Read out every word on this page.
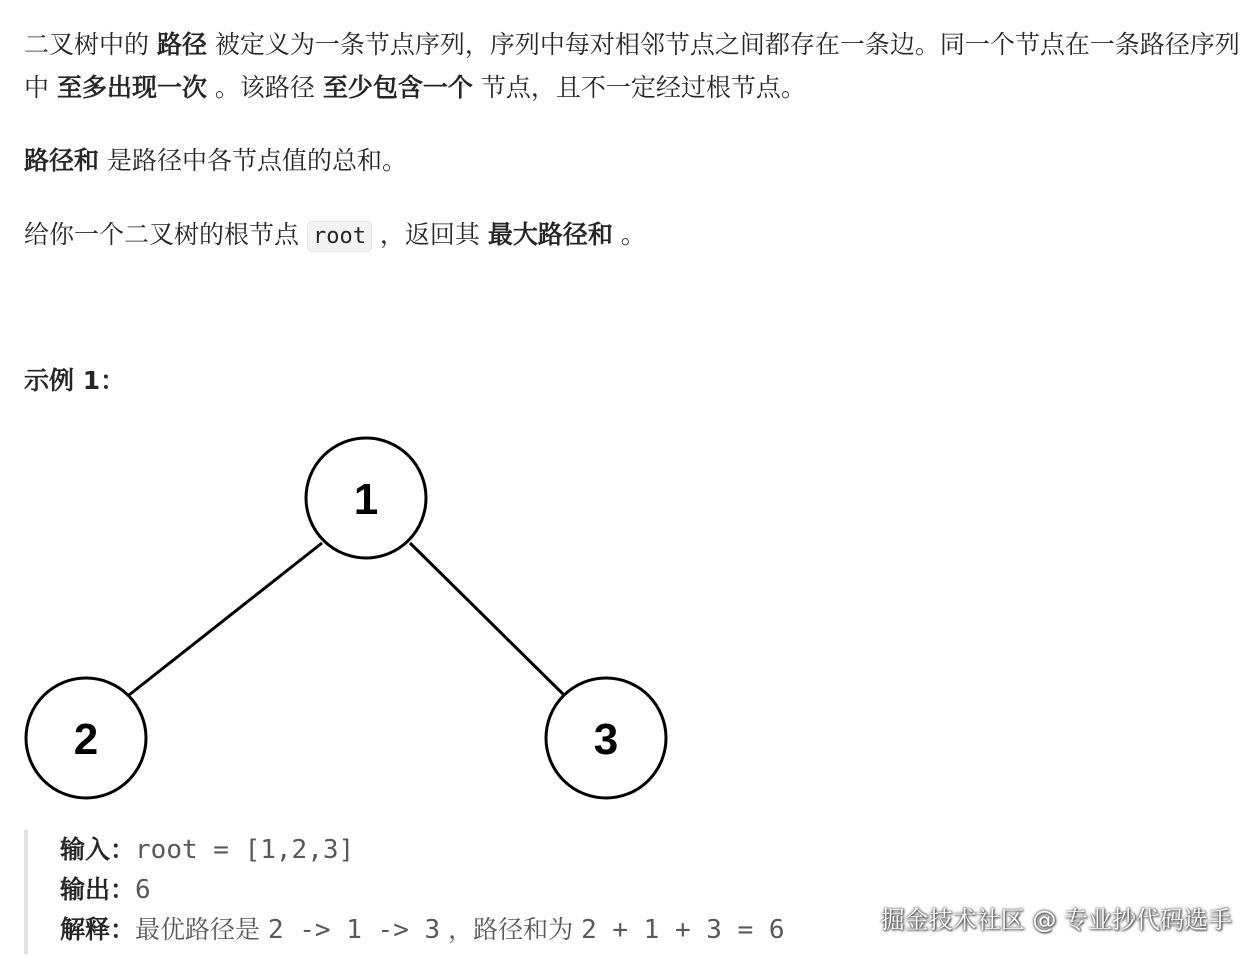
二叉树中的 路径 被定义为一条节点序列，序列中每对相邻节点之间都存在一条边。同一个节点在一条路径序列中 至多出现一次 。该路径 至少包含一个 节点，且不一定经过根节点。

路径和 是路径中各节点值的总和。

给你一个二叉树的根节点 root ，返回其 最大路径和 。

示例 1：

1
2	3

输入：root = [1,2,3]

输出：6

解释：最优路径是 2 -> 1 -> 3 ，路径和为 2 + 1 + 3 = 6	掘金技术社区 @ 专业抄代码选手
